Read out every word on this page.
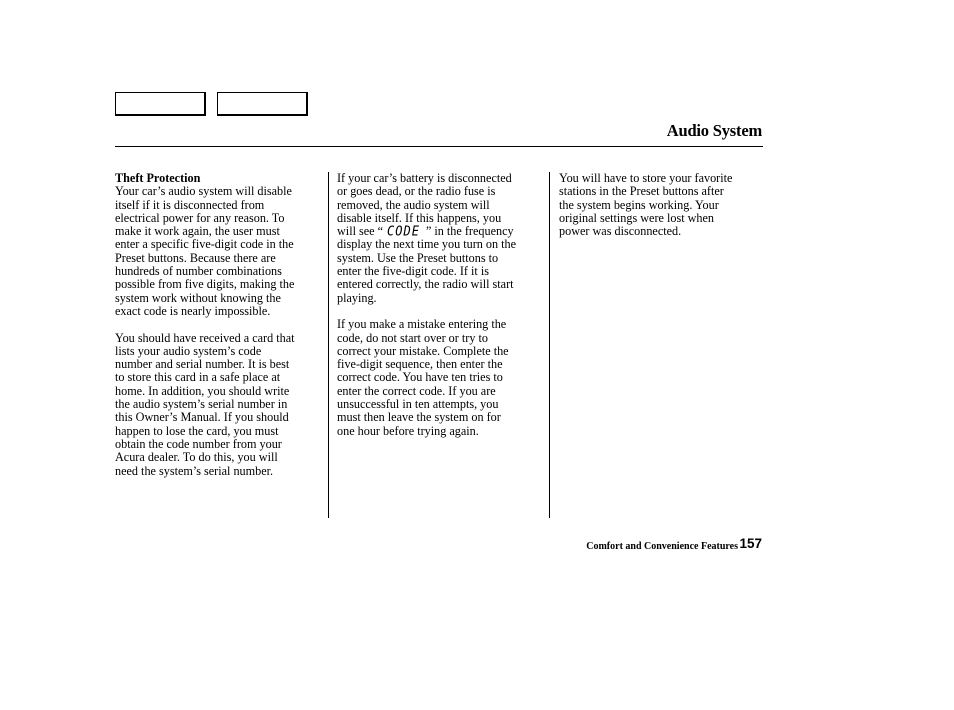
Audio System

Theft Protection
Your car’s audio system will disable
itself if it is disconnected from
electrical power for any reason. To
make it work again, the user must
enter a specific five-digit code in the
Preset buttons. Because there are
hundreds of number combinations
possible from five digits, making the
system work without knowing the
exact code is nearly impossible.

You should have received a card that
lists your audio system’s code
number and serial number. It is best
to store this card in a safe place at
home. In addition, you should write
the audio system’s serial number in
this Owner’s Manual. If you should
happen to lose the card, you must
obtain the code number from your
Acura dealer. To do this, you will
need the system’s serial number.

If your car’s battery is disconnected
or goes dead, or the radio fuse is
removed, the audio system will
disable itself. If this happens, you
will see “ CODE ” in the frequency
display the next time you turn on the
system. Use the Preset buttons to
enter the five-digit code. If it is
entered correctly, the radio will start
playing.

If you make a mistake entering the
code, do not start over or try to
correct your mistake. Complete the
five-digit sequence, then enter the
correct code. You have ten tries to
enter the correct code. If you are
unsuccessful in ten attempts, you
must then leave the system on for
one hour before trying again.

You will have to store your favorite
stations in the Preset buttons after
the system begins working. Your
original settings were lost when
power was disconnected.

Comfort and Convenience Features 157
